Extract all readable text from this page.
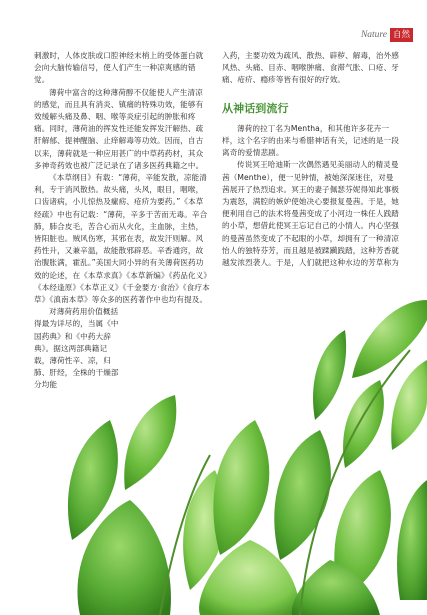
Nature 自然

刺激时，人体皮肤或口腔神经末梢上的受体蛋白就会向大脑传输信号，使人们产生一种凉爽感的错觉。

薄荷中富含的这种薄荷醇不仅能使人产生清凉的感觉，而且具有消炎、镇痛的特殊功效，能够有效缓解头痛及鼻、咽、喉等炎症引起的肿胀和疼痛。同时，薄荷油的挥发性还能发挥发汗解热、疏肝解郁、提神醒脑、止痒解毒等功效。因而，自古以来，薄荷就是一种应用甚广的中草药药材，其众多神奇药效也被广泛记录在了诸多医药典籍之中。

《本草纲目》有载：“薄荷，辛能发散，凉能清利，专于消风散热。故头痛，头风，眼目，咽喉，口齿诸病，小儿惊热及瘰疬、疮疥为要药。”《本草经疏》中也有记载：“薄荷，辛多于苦而无毒。辛合肺，肺合皮毛，苦合心而从火化，主血脉，主热，皆阳脏也。贼风伤寒，其邪在表，故发汗则解。风药性升，又兼辛温，故能散邪辟恶。辛香通窍，故治腹胀满，霍乱。”美国大同小异的有关薄荷医药功效的论述，在《本草求真》《本草新编》《药品化义》《本经逢原》《本草正义》《千金要方·食治》《食疗本草》《滇南本草》等众多的医药著作中也均有提及。

对薄荷药用价值概括得最为详尽的，当属《中国药典》和《中药大辞典》。据这两部典籍记载，薄荷性辛、凉，归肺、肝经，全株的干燥部分均能

入药，主要功效为疏风、散热、辟秽、解毒，治外感风热、头痛、目赤、咽喉肿痛、食滞气胀、口疮、牙痛、疮疥、瘾疹等皆有很好的疗效。

从神话到流行

薄荷的拉丁名为Mentha，和其他许多花卉一样，这个名字的由来与希腊神话有关，记述的是一段离奇的爱情悲剧。

传说冥王哈迪斯一次偶然遇见美丽动人的精灵曼茜（Menthe），便一见钟情，被她深深迷住，对曼茜展开了热烈追求。冥王的妻子佩瑟芬妮得知此事极为震怒，满腔的嫉妒使她决心要报复曼茜。于是，她便利用自己的法术将曼茜变成了小河边一株任人践踏的小草，想借此使冥王忘记自己的小情人。内心坚强的曼茜虽然变成了不起眼的小草，却拥有了一种清凉怡人的独特芬芳，而且越是被蹂躏践踏，这种芳香就越发浓烈袭人。于是，人们就把这种水边的芳草称为
